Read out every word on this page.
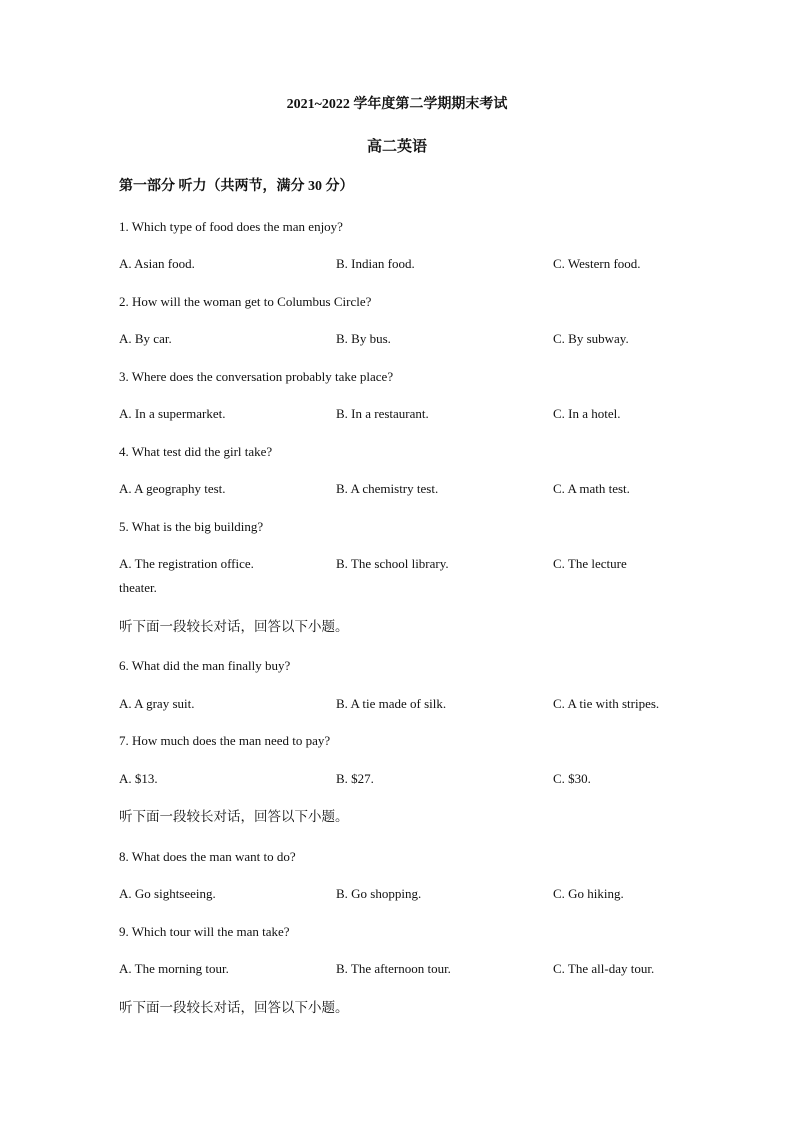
2021~2022 学年度第二学期期末考试
高二英语
第一部分 听力（共两节，满分 30 分）
1. Which type of food does the man enjoy?
A. Asian food.	B. Indian food.	C. Western food.
2. How will the woman get to Columbus Circle?
A. By car.	B. By bus.	C. By subway.
3. Where does the conversation probably take place?
A. In a supermarket.	B. In a restaurant.	C. In a hotel.
4. What test did the girl take?
A. A geography test.	B. A chemistry test.	C. A math test.
5. What is the big building?
A. The registration office.	B. The school library.	C. The lecture
theater.
听下面一段较长对话，回答以下小题。
6. What did the man finally buy?
A. A gray suit.	B. A tie made of silk.	C. A tie with stripes.
7. How much does the man need to pay?
A. $13.	B. $27.	C. $30.
听下面一段较长对话，回答以下小题。
8. What does the man want to do?
A. Go sightseeing.	B. Go shopping.	C. Go hiking.
9. Which tour will the man take?
A. The morning tour.	B. The afternoon tour.	C. The all-day tour.
听下面一段较长对话，回答以下小题。
